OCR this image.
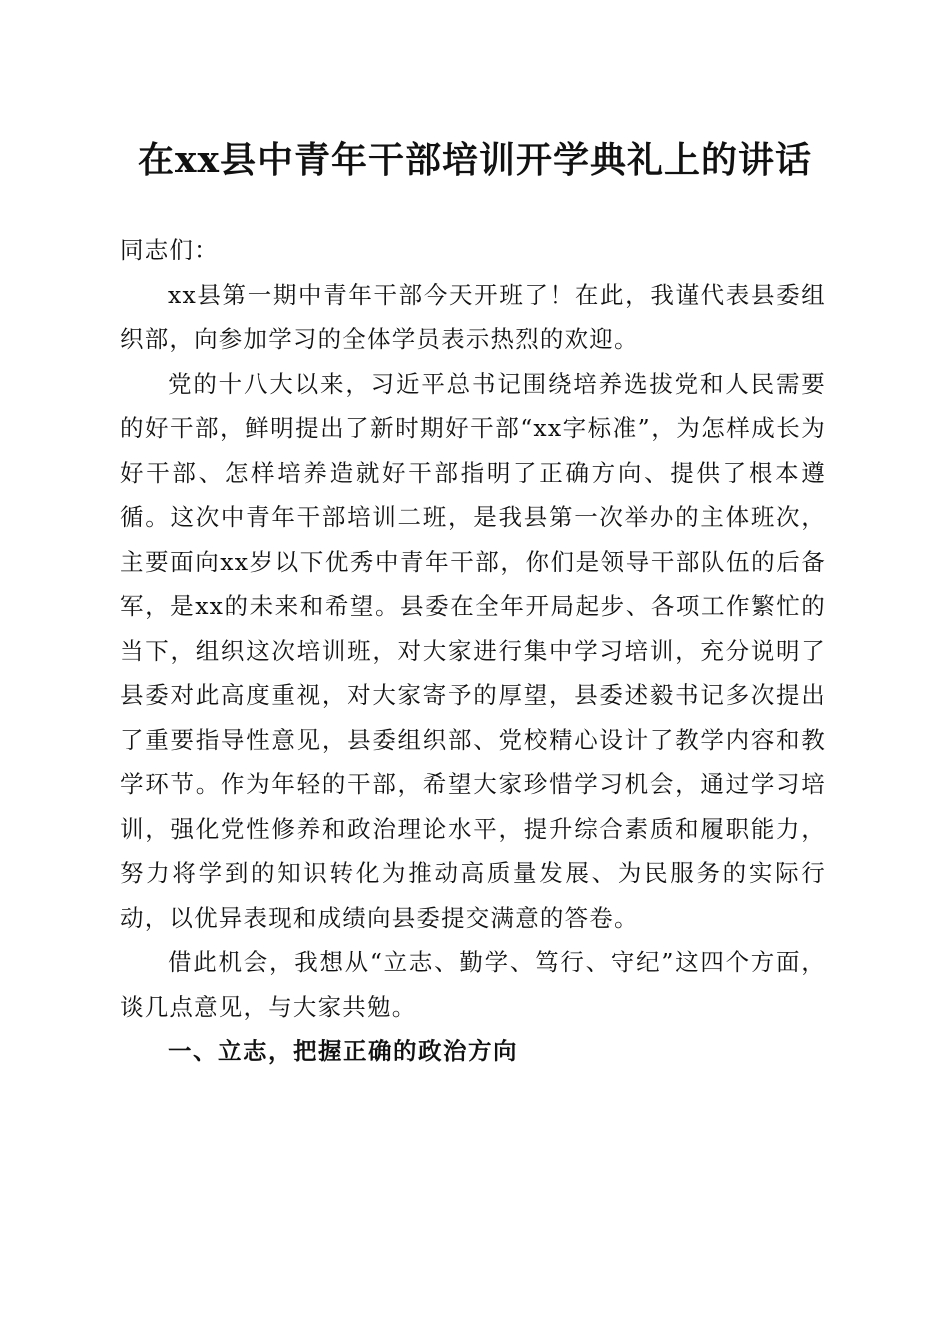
在xx县中青年干部培训开学典礼上的讲话

同志们：

xx县第一期中青年干部今天开班了！在此，我谨代表县委组织部，向参加学习的全体学员表示热烈的欢迎。

党的十八大以来，习近平总书记围绕培养选拔党和人民需要的好干部，鲜明提出了新时期好干部“xx字标准”，为怎样成长为好干部、怎样培养造就好干部指明了正确方向、提供了根本遵循。这次中青年干部培训二班，是我县第一次举办的主体班次，主要面向xx岁以下优秀中青年干部，你们是领导干部队伍的后备军，是xx的未来和希望。县委在全年开局起步、各项工作繁忙的当下，组织这次培训班，对大家进行集中学习培训，充分说明了县委对此高度重视，对大家寄予的厚望，县委述毅书记多次提出了重要指导性意见，县委组织部、党校精心设计了教学内容和教学环节。作为年轻的干部，希望大家珍惜学习机会，通过学习培训，强化党性修养和政治理论水平，提升综合素质和履职能力，努力将学到的知识转化为推动高质量发展、为民服务的实际行动，以优异表现和成绩向县委提交满意的答卷。

借此机会，我想从“立志、勤学、笃行、守纪”这四个方面，谈几点意见，与大家共勉。

一、立志，把握正确的政治方向
